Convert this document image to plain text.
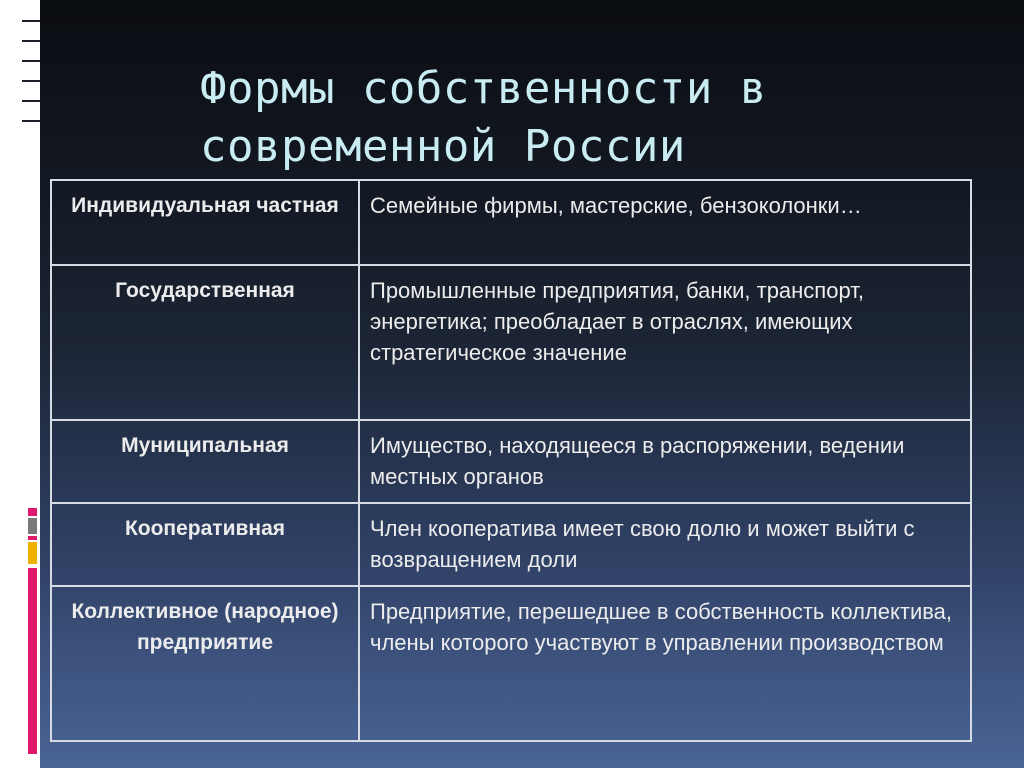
Формы собственности в современной России
Индивидуальная частная	Семейные фирмы, мастерские, бензоколонки…
Государственная	Промышленные предприятия, банки, транспорт, энергетика; преобладает в отраслях, имеющих стратегическое значение
Муниципальная	Имущество, находящееся в распоряжении, ведении местных органов
Кооперативная	Член кооператива имеет свою долю и может выйти с возвращением доли
Коллективное (народное) предприятие	Предприятие, перешедшее в собственность коллектива, члены которого участвуют в управлении производством
